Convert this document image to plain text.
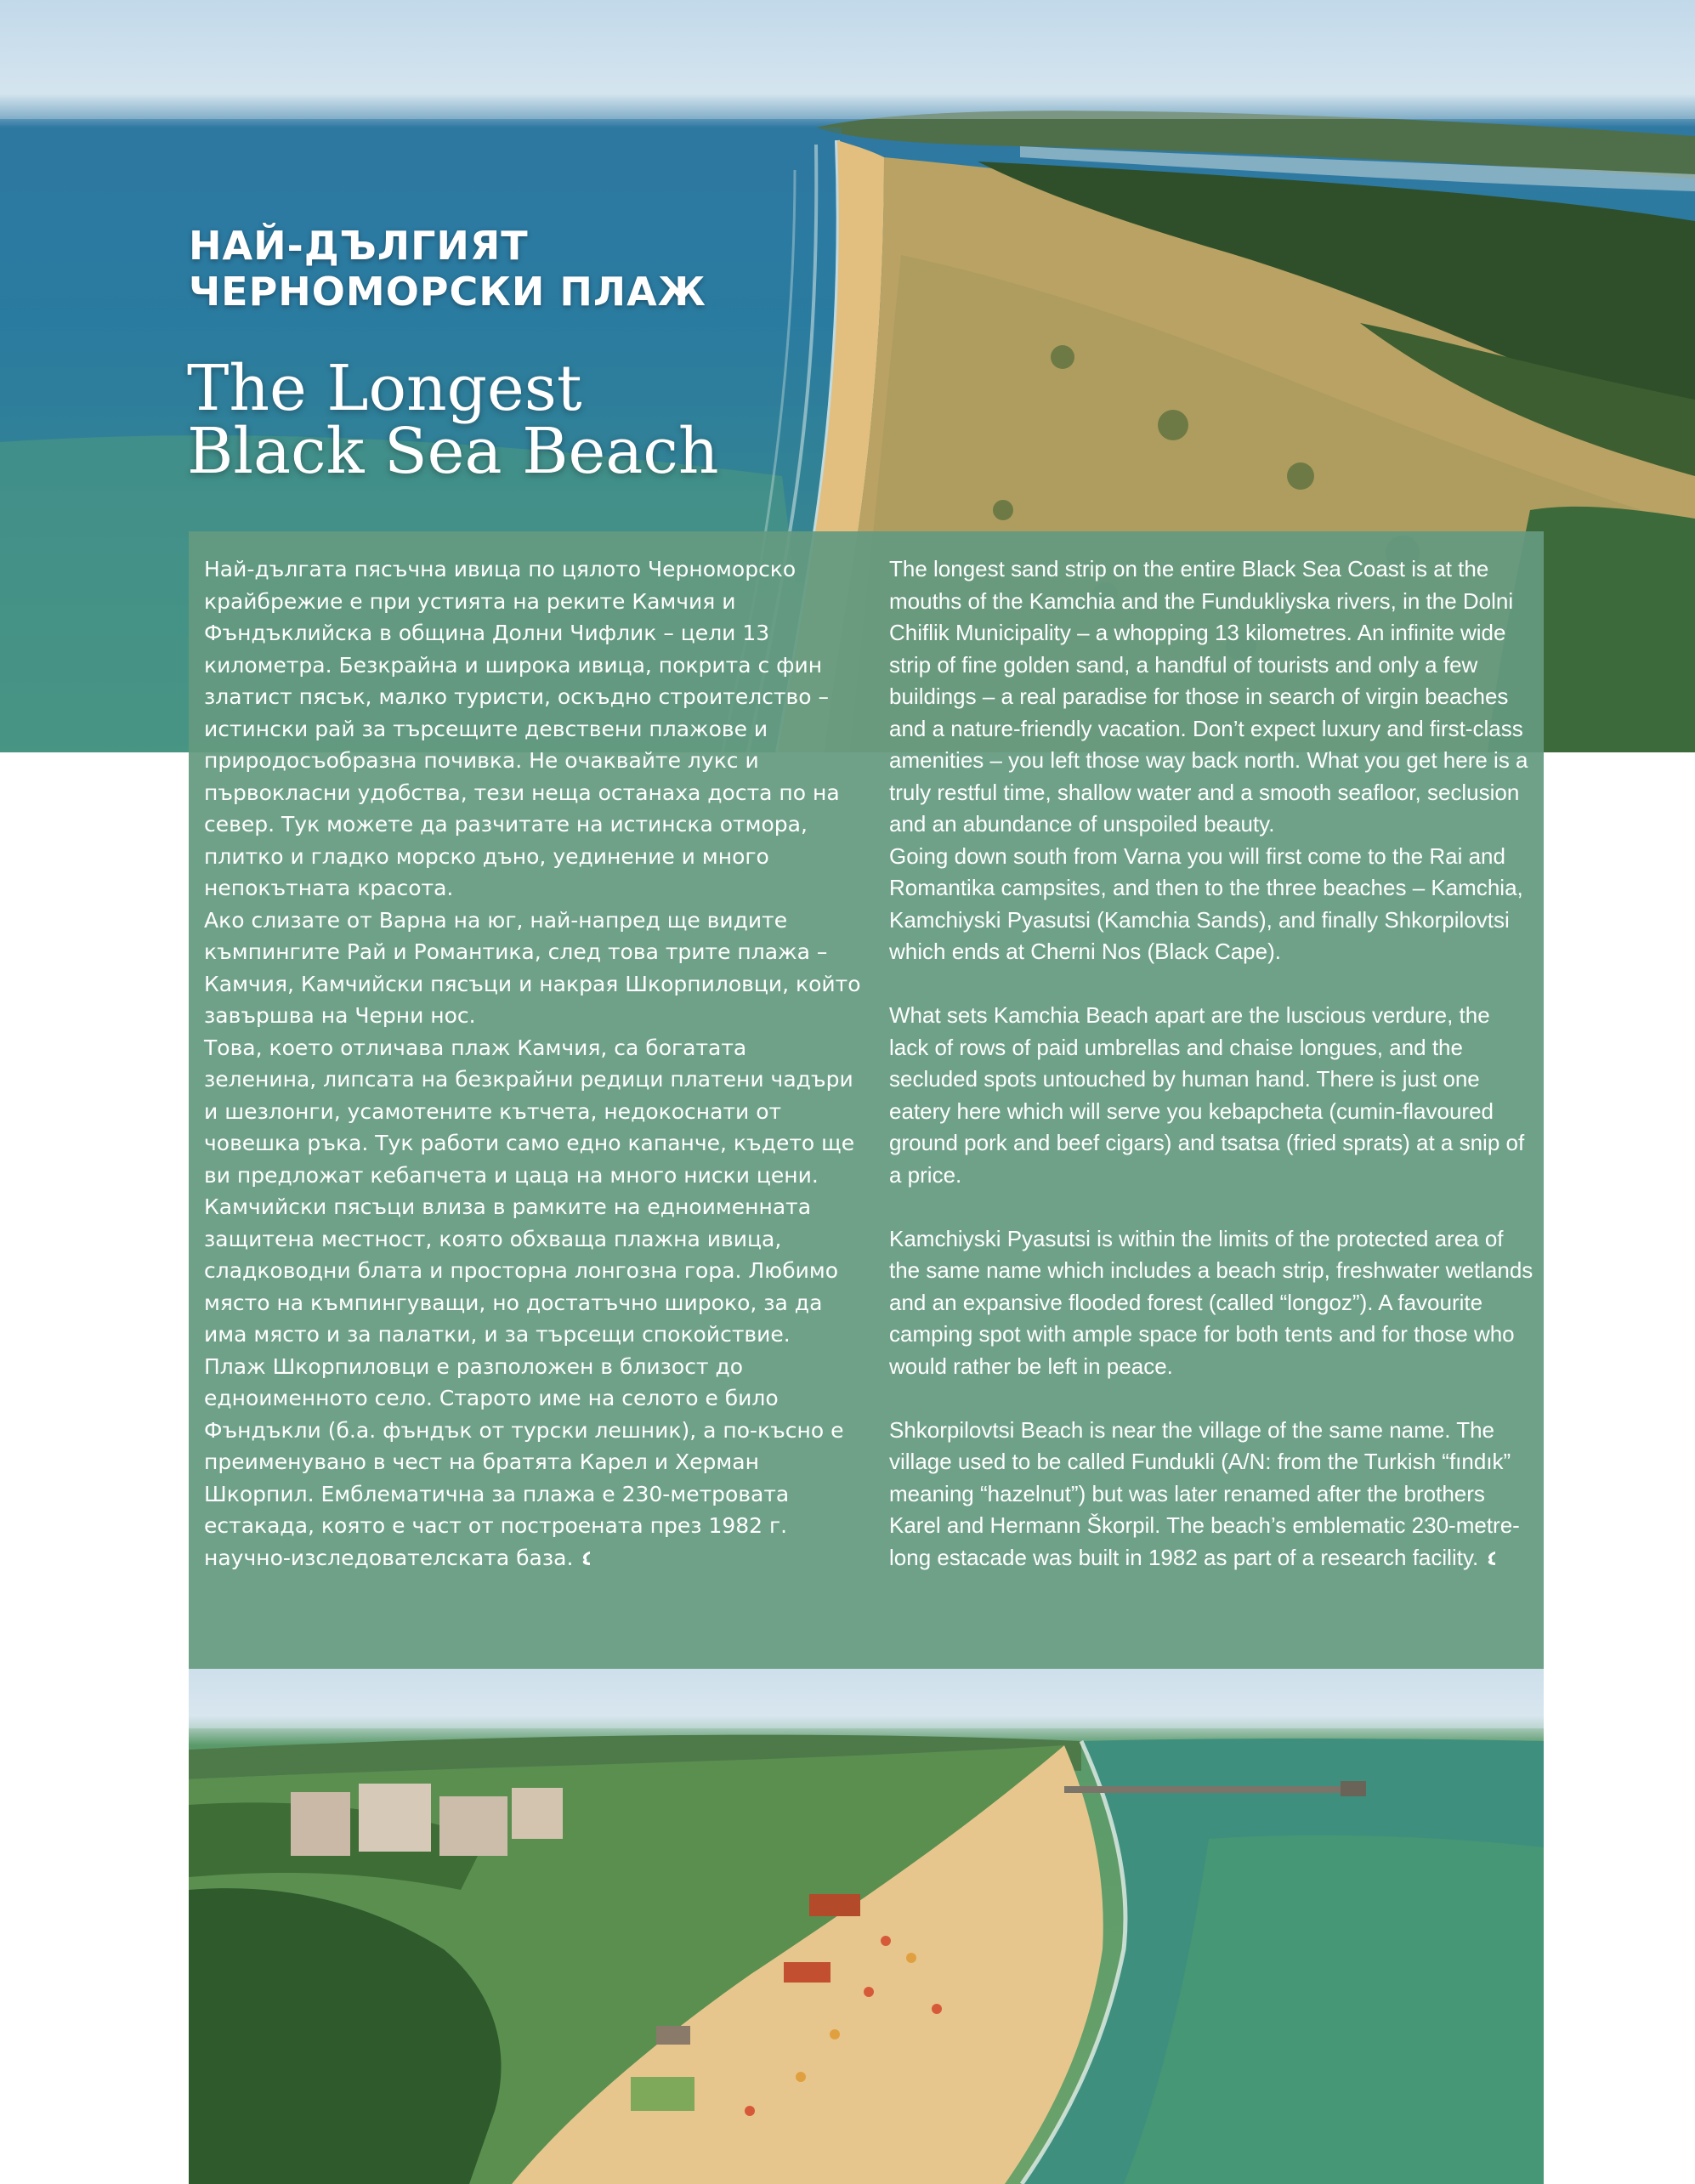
НАЙ-ДЪЛГИЯТ
ЧЕРНОМОРСКИ ПЛАЖ
The Longest
Black Sea Beach

Най-дългата пясъчна ивица по цялото Черноморско крайбрежие е при устията на реките Камчия и Фъндъклийска в община Долни Чифлик – цели 13 километра. Безкрайна и широка ивица, покрита с фин златист пясък, малко туристи, оскъдно строителство – истински рай за търсещите девствени плажове и природосъобразна почивка. Не очаквайте лукс и първокласни удобства, тези неща останаха доста по на север. Тук можете да разчитате на истинска отмора, плитко и гладко морско дъно, уединение и много непокътната красота.

Ако слизате от Варна на юг, най-напред ще видите къмпингите Рай и Романтика, след това трите плажа – Камчия, Камчийски пясъци и накрая Шкорпиловци, който завършва на Черни нос.

Това, което отличава плаж Камчия, са богатата зеленина, липсата на безкрайни редици платени чадъри и шезлонги, усамотените кътчета, недокоснати от човешка ръка. Тук работи само едно капанче, където ще ви предложат кебапчета и цаца на много ниски цени.

Камчийски пясъци влиза в рамките на едноименната защитена местност, която обхваща плажна ивица, сладководни блата и просторна лонгозна гора. Любимо място на къмпингуващи, но достатъчно широко, за да има място и за палатки, и за търсещи спокойствие.

Плаж Шкорпиловци е разположен в близост до едноименното село. Старото име на селото е било Фъндъкли (б.а. фъндък от турски лешник), а по-късно е преименувано в чест на братята Карел и Херман Шкорпил. Емблематична за плажа е 230-метровата естакада, която е част от построената през 1982 г. научно-изследователската база.

The longest sand strip on the entire Black Sea Coast is at the mouths of the Kamchia and the Fundukliyska rivers, in the Dolni Chiflik Municipality – a whopping 13 kilometres. An infinite wide strip of fine golden sand, a handful of tourists and only a few buildings – a real paradise for those in search of virgin beaches and a nature-friendly vacation. Don’t expect luxury and first-class amenities – you left those way back north. What you get here is a truly restful time, shallow water and a smooth seafloor, seclusion and an abundance of unspoiled beauty.

Going down south from Varna you will first come to the Rai and Romantika campsites, and then to the three beaches – Kamchia, Kamchiyski Pyasutsi (Kamchia Sands), and finally Shkorpilovtsi which ends at Cherni Nos (Black Cape).

What sets Kamchia Beach apart are the luscious verdure, the lack of rows of paid umbrellas and chaise longues, and the secluded spots untouched by human hand. There is just one eatery here which will serve you kebapcheta (cumin-flavoured ground pork and beef cigars) and tsatsa (fried sprats) at a snip of a price.

Kamchiyski Pyasutsi is within the limits of the protected area of the same name which includes a beach strip, freshwater wetlands and an expansive flooded forest (called “longoz”). A favourite camping spot with ample space for both tents and for those who would rather be left in peace.

Shkorpilovtsi Beach is near the village of the same name. The village used to be called Fundukli (A/N: from the Turkish “fındık” meaning “hazelnut”) but was later renamed after the brothers Karel and Hermann Škorpil. The beach’s emblematic 230-metre-long estacade was built in 1982 as part of a research facility.
